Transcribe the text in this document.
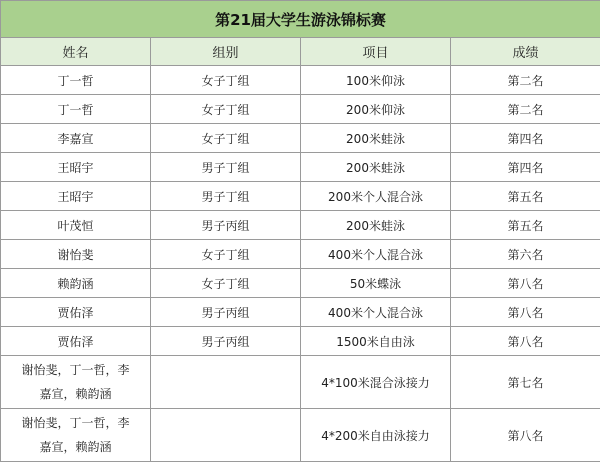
第21届大学生游泳锦标赛			
姓名	组别	项目	成绩
丁一哲	女子丁组	100米仰泳	第二名
丁一哲	女子丁组	200米仰泳	第二名
李嘉宣	女子丁组	200米蛙泳	第四名
王昭宇	男子丁组	200米蛙泳	第四名
王昭宇	男子丁组	200米个人混合泳	第五名
叶茂恒	男子丙组	200米蛙泳	第五名
谢怡斐	女子丁组	400米个人混合泳	第六名
赖韵涵	女子丁组	50米蝶泳	第八名
贾佑泽	男子丙组	400米个人混合泳	第八名
贾佑泽	男子丙组	1500米自由泳	第八名

谢怡斐，丁一哲，李
嘉宣，赖韵涵		4*100米混合泳接力	第七名

谢怡斐，丁一哲，李
嘉宣，赖韵涵		4*200米自由泳接力	第八名
